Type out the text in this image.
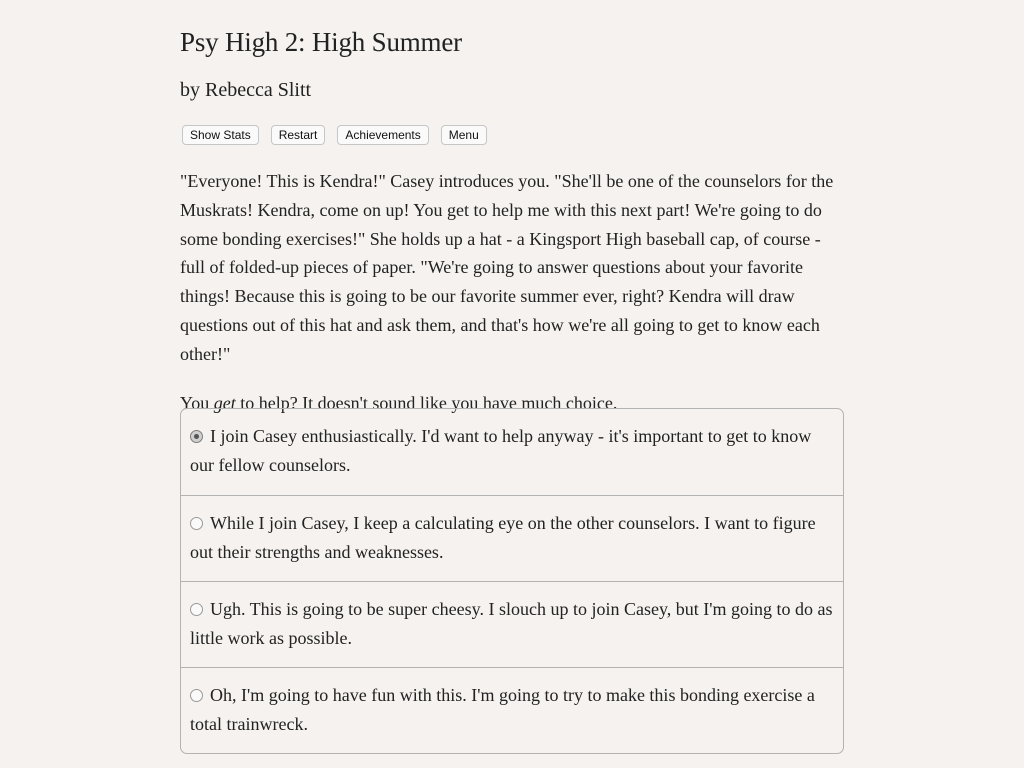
Psy High 2: High Summer
by Rebecca Slitt
Show Stats	Restart	Achievements	Menu

"Everyone! This is Kendra!" Casey introduces you. "She'll be one of the counselors for the Muskrats! Kendra, come on up! You get to help me with this next part! We're going to do some bonding exercises!" She holds up a hat - a Kingsport High baseball cap, of course - full of folded-up pieces of paper. "We're going to answer questions about your favorite things! Because this is going to be our favorite summer ever, right? Kendra will draw questions out of this hat and ask them, and that's how we're all going to get to know each other!"

You get to help? It doesn't sound like you have much choice.

I join Casey enthusiastically. I'd want to help anyway - it's important to get to know our fellow counselors.
While I join Casey, I keep a calculating eye on the other counselors. I want to figure out their strengths and weaknesses.
Ugh. This is going to be super cheesy. I slouch up to join Casey, but I'm going to do as little work as possible.
Oh, I'm going to have fun with this. I'm going to try to make this bonding exercise a total trainwreck.
